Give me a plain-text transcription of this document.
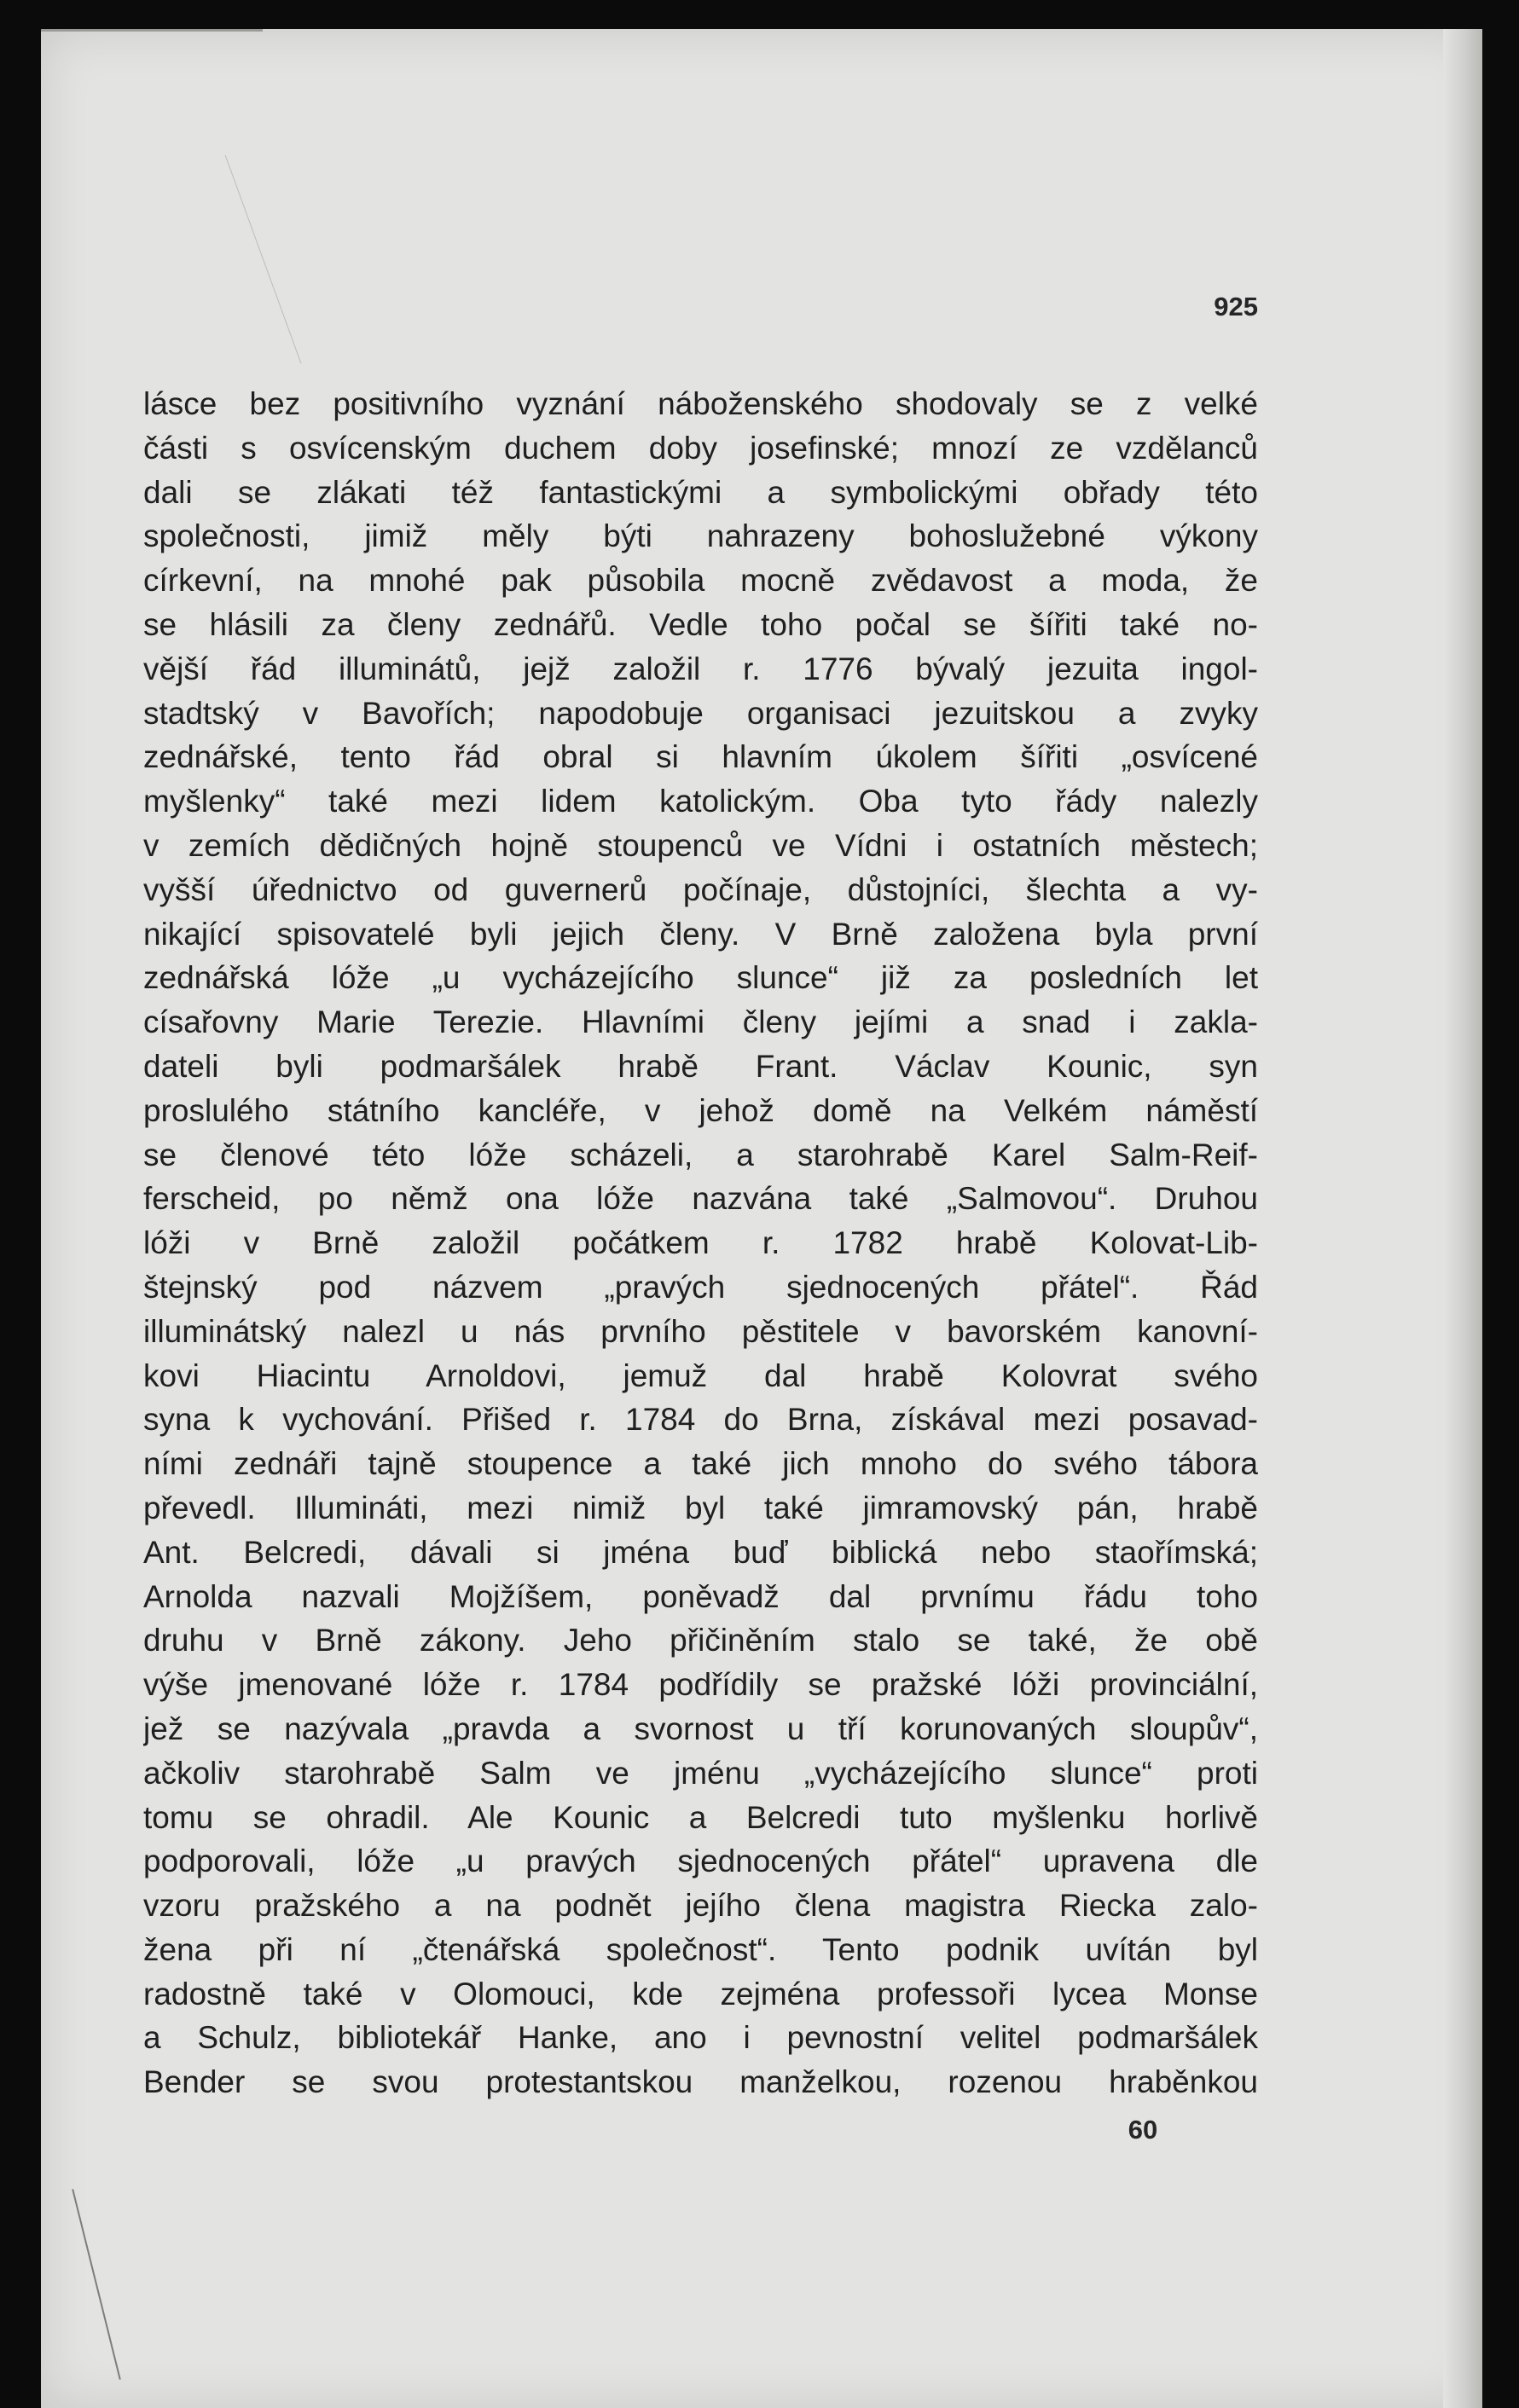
925
lásce bez positivního vyznání náboženského shodovaly se z velké
části s osvícenským duchem doby josefinské; mnozí ze vzdělanců
dali se zlákati též fantastickými a symbolickými obřady této
společnosti, jimiž měly býti nahrazeny bohoslužebné výkony
církevní, na mnohé pak působila mocně zvědavost a moda, že
se hlásili za členy zednářů. Vedle toho počal se šířiti také no-
vější řád illuminátů, jejž založil r. 1776 bývalý jezuita ingol-
stadtský v Bavořích; napodobuje organisaci jezuitskou a zvyky
zednářské, tento řád obral si hlavním úkolem šířiti „osvícené
myšlenky“ také mezi lidem katolickým. Oba tyto řády nalezly
v zemích dědičných hojně stoupenců ve Vídni i ostatních městech;
vyšší úřednictvo od guvernerů počínaje, důstojníci, šlechta a vy-
nikající spisovatelé byli jejich členy. V Brně založena byla první
zednářská lóže „u vycházejícího slunce“ již za posledních let
císařovny Marie Terezie. Hlavními členy jejími a snad i zakla-
dateli byli podmaršálek hrabě Frant. Václav Kounic, syn
proslulého státního kancléře, v jehož domě na Velkém náměstí
se členové této lóže scházeli, a starohrabě Karel Salm-Reif-
ferscheid, po němž ona lóže nazvána také „Salmovou“. Druhou
lóži v Brně založil počátkem r. 1782 hrabě Kolovat-Lib-
štejnský pod názvem „pravých sjednocených přátel“. Řád
illuminátský nalezl u nás prvního pěstitele v bavorském kanovní-
kovi Hiacintu Arnoldovi, jemuž dal hrabě Kolovrat svého
syna k vychování. Přišed r. 1784 do Brna, získával mezi posavad-
ními zednáři tajně stoupence a také jich mnoho do svého tábora
převedl. Illumináti, mezi nimiž byl také jimramovský pán, hrabě
Ant. Belcredi, dávali si jména buď biblická nebo staořímská;
Arnolda nazvali Mojžíšem, poněvadž dal prvnímu řádu toho
druhu v Brně zákony. Jeho přičiněním stalo se také, že obě
výše jmenované lóže r. 1784 podřídily se pražské lóži provinciální,
jež se nazývala „pravda a svornost u tří korunovaných sloupův“,
ačkoliv starohrabě Salm ve jménu „vycházejícího slunce“ proti
tomu se ohradil. Ale Kounic a Belcredi tuto myšlenku horlivě
podporovali, lóže „u pravých sjednocených přátel“ upravena dle
vzoru pražského a na podnět jejího člena magistra Riecka zalo-
žena při ní „čtenářská společnost“. Tento podnik uvítán byl
radostně také v Olomouci, kde zejména professoři lycea Monse
a Schulz, bibliotekář Hanke, ano i pevnostní velitel podmaršálek
Bender se svou protestantskou manželkou, rozenou hraběnkou
60
